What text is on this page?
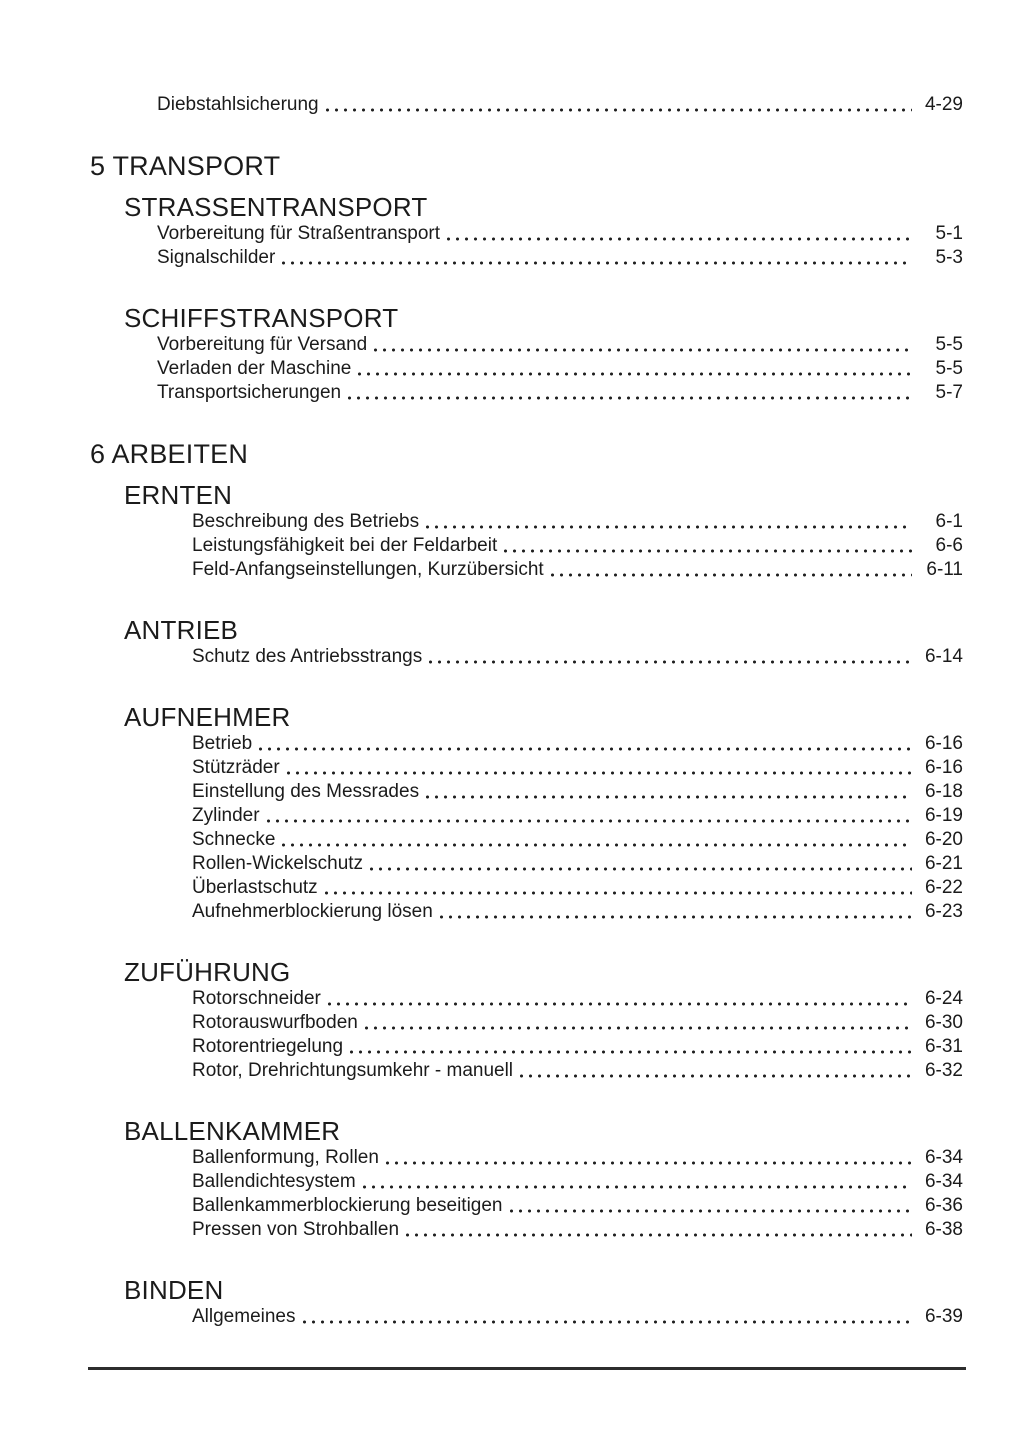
Diebstahlsicherung	4-29
5 TRANSPORT
STRASSENTRANSPORT
Vorbereitung für Straßentransport	5-1
Signalschilder	5-3
SCHIFFSTRANSPORT
Vorbereitung für Versand	5-5
Verladen der Maschine	5-5
Transportsicherungen	5-7
6 ARBEITEN
ERNTEN
Beschreibung des Betriebs	6-1
Leistungsfähigkeit bei der Feldarbeit	6-6
Feld-Anfangseinstellungen, Kurzübersicht	6-11
ANTRIEB
Schutz des Antriebsstrangs	6-14
AUFNEHMER
Betrieb	6-16
Stützräder	6-16
Einstellung des Messrades	6-18
Zylinder	6-19
Schnecke	6-20
Rollen-Wickelschutz	6-21
Überlastschutz	6-22
Aufnehmerblockierung lösen	6-23
ZUFÜHRUNG
Rotorschneider	6-24
Rotorauswurfboden	6-30
Rotorentriegelung	6-31
Rotor, Drehrichtungsumkehr - manuell	6-32
BALLENKAMMER
Ballenformung, Rollen	6-34
Ballendichtesystem	6-34
Ballenkammerblockierung beseitigen	6-36
Pressen von Strohballen	6-38
BINDEN
Allgemeines	6-39
